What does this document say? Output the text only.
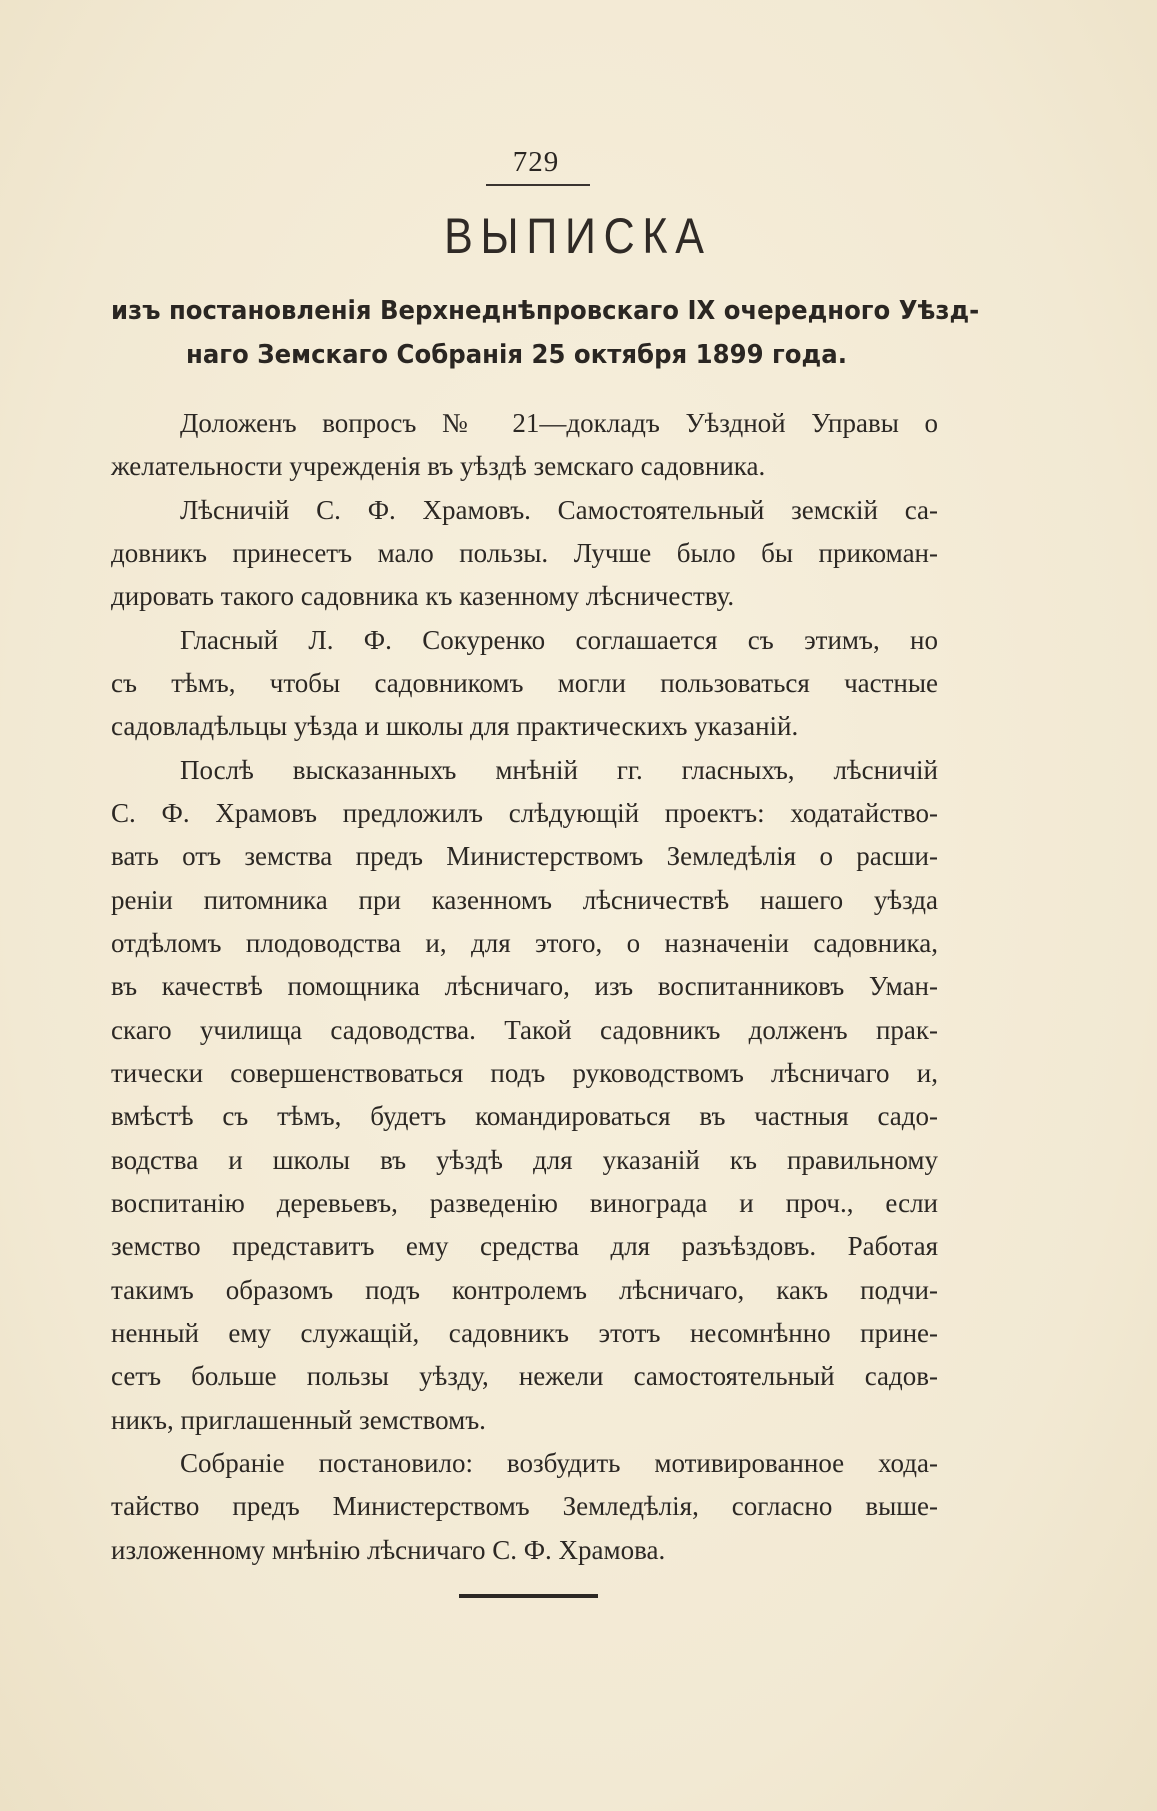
729
ВЫПИСКА
изъ постановленія Верхнеднѣпровскаго IX очередного Уѣзд-
наго Земскаго Собранія 25 октября 1899 года.
Доложенъ вопросъ № 21—докладъ Уѣздной Управы о
желательности учрежденія въ уѣздѣ земскаго садовника.
Лѣсничій С. Ф. Храмовъ. Самостоятельный земскій са-
довникъ принесетъ мало пользы. Лучше было бы прикоман-
дировать такого садовника къ казенному лѣсничеству.
Гласный Л. Ф. Сокуренко соглашается съ этимъ, но
съ тѣмъ, чтобы садовникомъ могли пользоваться частные
садовладѣльцы уѣзда и школы для практическихъ указаній.
Послѣ высказанныхъ мнѣній гг. гласныхъ, лѣсничій
С. Ф. Храмовъ предложилъ слѣдующій проектъ: ходатайство-
вать отъ земства предъ Министерствомъ Земледѣлія о расши-
реніи питомника при казенномъ лѣсничествѣ нашего уѣзда
отдѣломъ плодоводства и, для этого, о назначеніи садовника,
въ качествѣ помощника лѣсничаго, изъ воспитанниковъ Уман-
скаго училища садоводства. Такой садовникъ долженъ прак-
тически совершенствоваться подъ руководствомъ лѣсничаго и,
вмѣстѣ съ тѣмъ, будетъ командироваться въ частныя садо-
водства и школы въ уѣздѣ для указаній къ правильному
воспитанію деревьевъ, разведенію винограда и проч., если
земство представитъ ему средства для разъѣздовъ. Работая
такимъ образомъ подъ контролемъ лѣсничаго, какъ подчи-
ненный ему служащій, садовникъ этотъ несомнѣнно прине-
сетъ больше пользы уѣзду, нежели самостоятельный садов-
никъ, приглашенный земствомъ.
Собраніе постановило: возбудить мотивированное хода-
тайство предъ Министерствомъ Земледѣлія, согласно выше-
изложенному мнѣнію лѣсничаго С. Ф. Храмова.
